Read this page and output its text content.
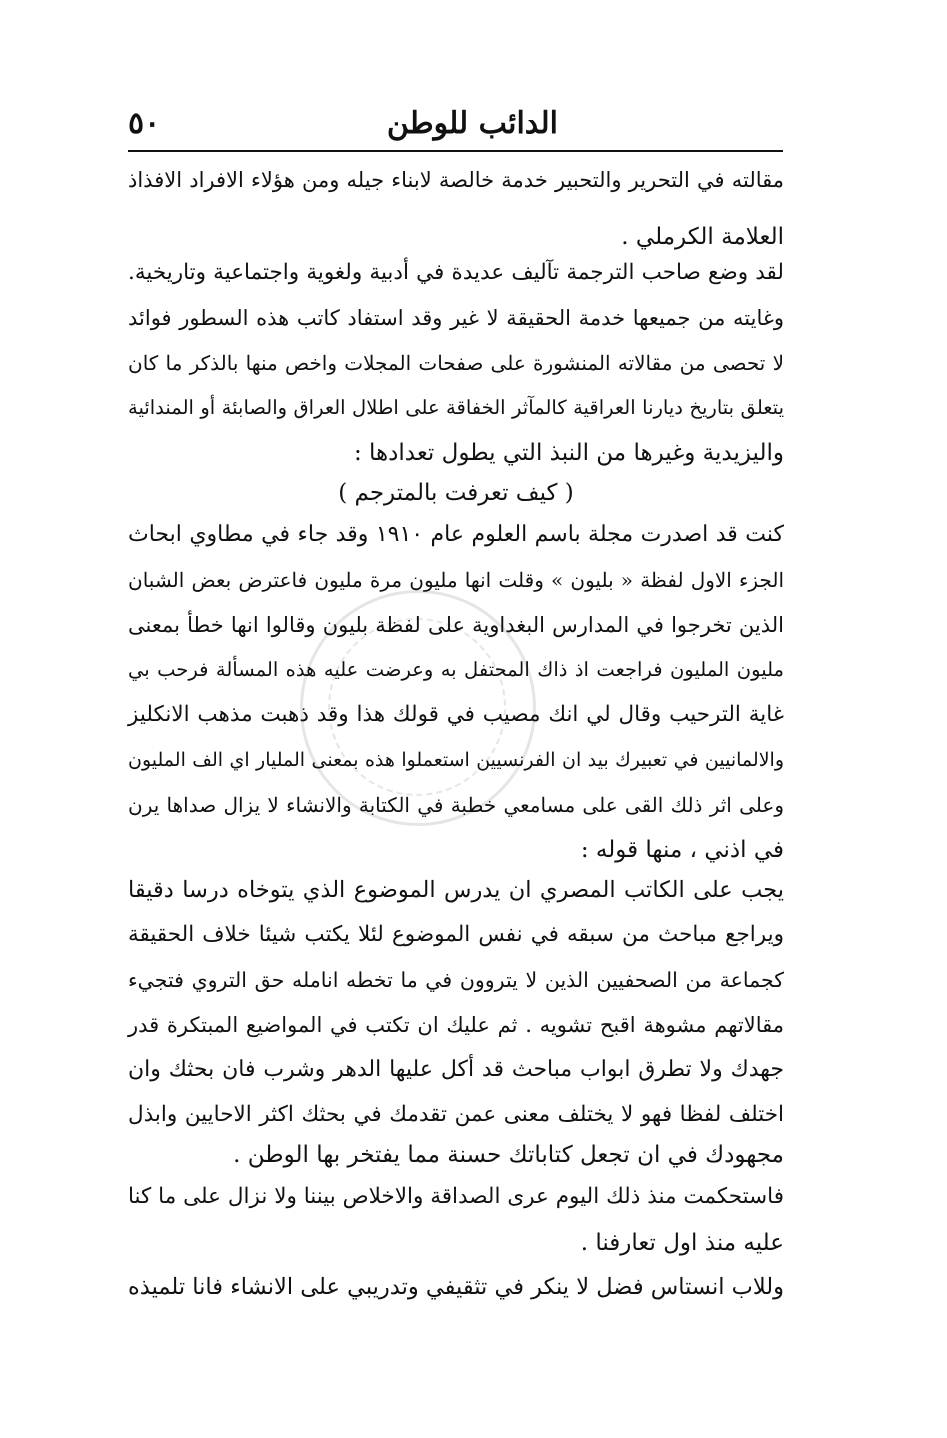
الدائب للوطن
٥٠
مقالته في التحرير والتحبير خدمة خالصة لابناء جيله ومن هؤلاء الافراد الافذاذ
العلامة الكرملي .
لقد وضع صاحب الترجمة تآليف عديدة في أدبية ولغوية واجتماعية وتاريخية.
وغايته من جميعها خدمة الحقيقة لا غير وقد استفاد كاتب هذه السطور فوائد
لا تحصى من مقالاته المنشورة على صفحات المجلات واخص منها بالذكر ما كان
يتعلق بتاريخ ديارنا العراقية كالمآثر الخفاقة على اطلال العراق والصابئة أو المندائية
واليزيدية وغيرها من النبذ التي يطول تعدادها :
( كيف تعرفت بالمترجم )
كنت قد اصدرت مجلة باسم العلوم عام ١٩١٠ وقد جاء في مطاوي ابحاث
الجزء الاول لفظة « بليون » وقلت انها مليون مرة مليون فاعترض بعض الشبان
الذين تخرجوا في المدارس البغداوية على لفظة بليون وقالوا انها خطأ بمعنى
مليون المليون فراجعت اذ ذاك المحتفل به وعرضت عليه هذه المسألة فرحب بي
غاية الترحيب وقال لي انك مصيب في قولك هذا وقد ذهبت مذهب الانكليز
والالمانيين في تعبيرك بيد ان الفرنسيين استعملوا هذه بمعنى المليار اي الف المليون
وعلى اثر ذلك القى على مسامعي خطبة في الكتابة والانشاء لا يزال صداها يرن
في اذني ، منها قوله :
يجب على الكاتب المصري ان يدرس الموضوع الذي يتوخاه درسا دقيقا
ويراجع مباحث من سبقه في نفس الموضوع لئلا يكتب شيئا خلاف الحقيقة
كجماعة من الصحفيين الذين لا يتروون في ما تخطه انامله حق التروي فتجيء
مقالاتهم مشوهة اقبح تشويه . ثم عليك ان تكتب في المواضيع المبتكرة قدر
جهدك ولا تطرق ابواب مباحث قد أكل عليها الدهر وشرب فان بحثك وان
اختلف لفظا فهو لا يختلف معنى عمن تقدمك في بحثك اكثر الاحايين وابذل
مجهودك في ان تجعل كتاباتك حسنة مما يفتخر بها الوطن .
فاستحكمت منذ ذلك اليوم عرى الصداقة والاخلاص بيننا ولا نزال على ما كنا
عليه منذ اول تعارفنا .
وللاب انستاس فضل لا ينكر في تثقيفي وتدريبي على الانشاء فانا تلميذه
